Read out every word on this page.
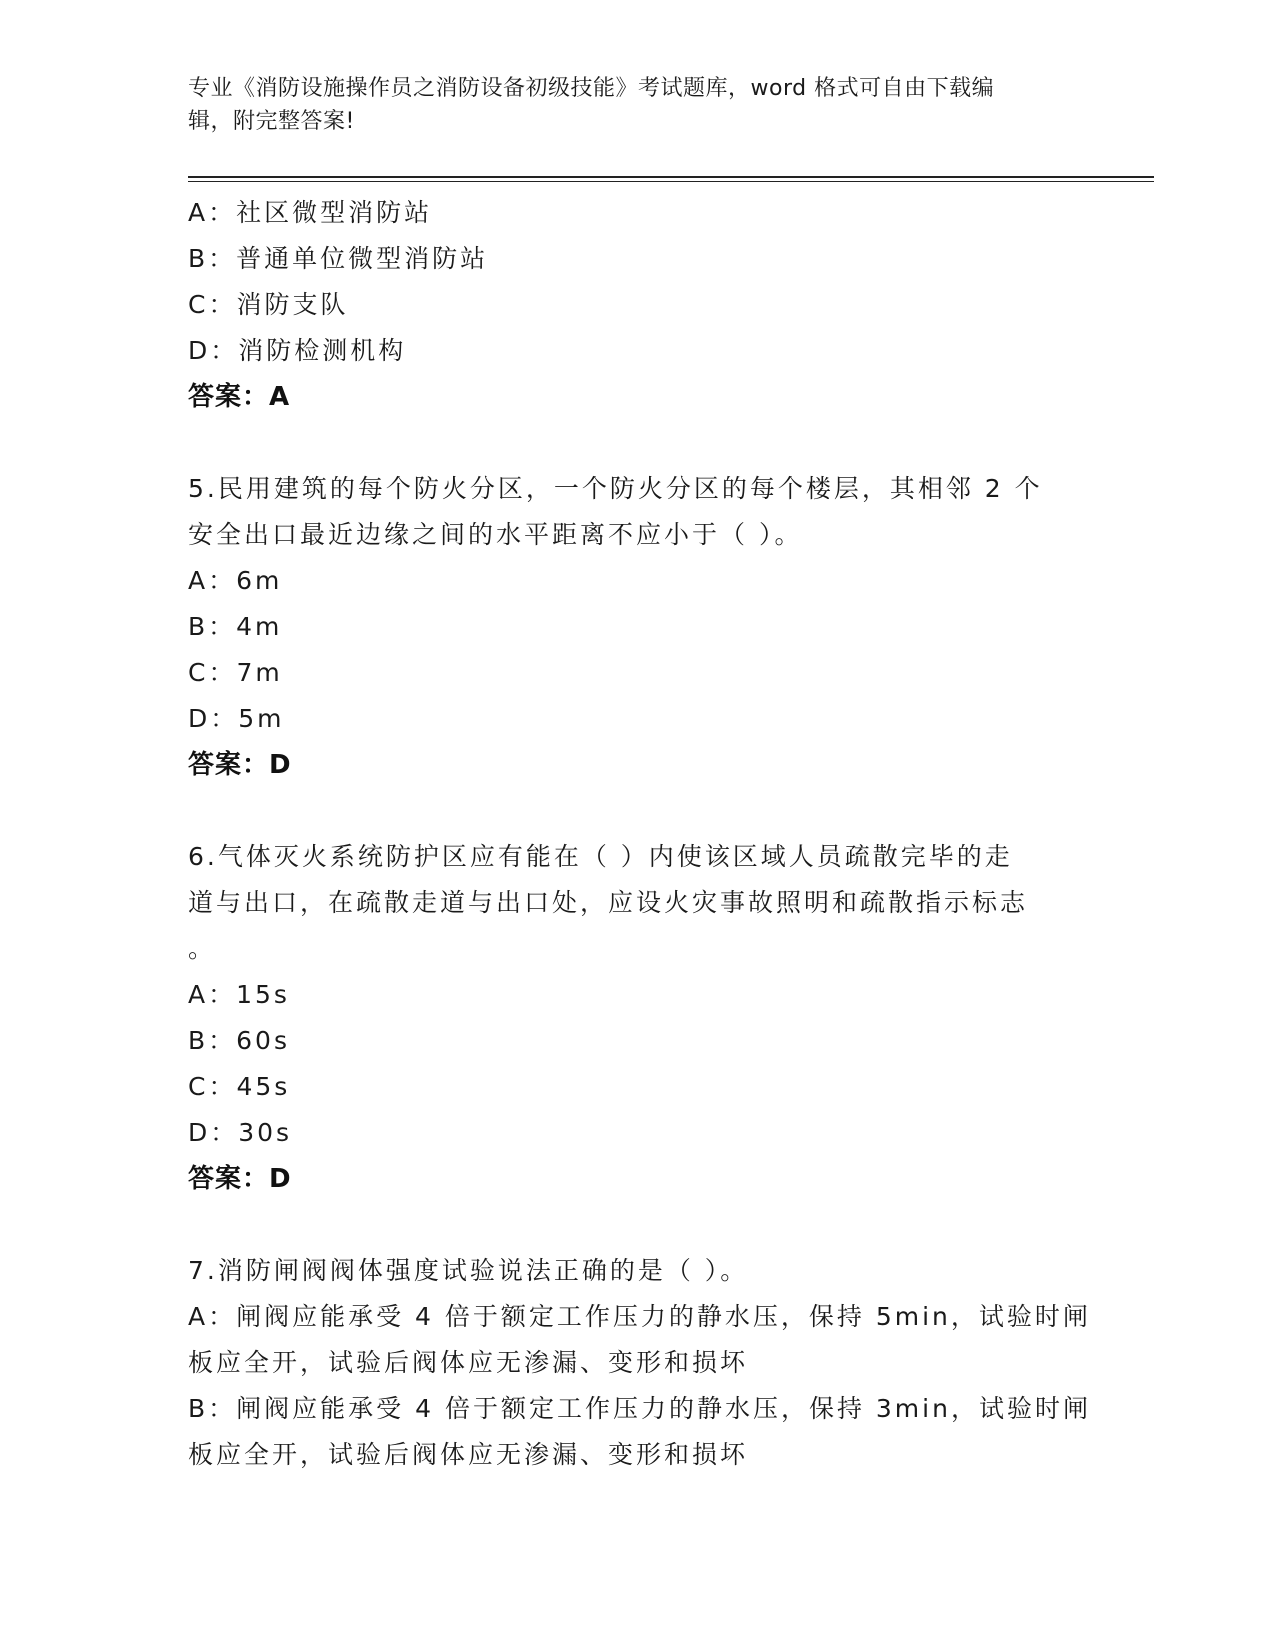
专业《消防设施操作员之消防设备初级技能》考试题库，word 格式可自由下载编
辑，附完整答案!
A：社区微型消防站
B：普通单位微型消防站
C：消防支队
D：消防检测机构
答案：A
5.民用建筑的每个防火分区，一个防火分区的每个楼层，其相邻 2 个
安全出口最近边缘之间的水平距离不应小于（ ）。
A：6m
B：4m
C：7m
D：5m
答案：D
6.气体灭火系统防护区应有能在（ ）内使该区域人员疏散完毕的走
道与出口，在疏散走道与出口处，应设火灾事故照明和疏散指示标志
。
A：15s
B：60s
C：45s
D：30s
答案：D
7.消防闸阀阀体强度试验说法正确的是（ ）。
A：闸阀应能承受 4 倍于额定工作压力的静水压，保持 5min，试验时闸
板应全开，试验后阀体应无渗漏、变形和损坏
B：闸阀应能承受 4 倍于额定工作压力的静水压，保持 3min，试验时闸
板应全开，试验后阀体应无渗漏、变形和损坏
